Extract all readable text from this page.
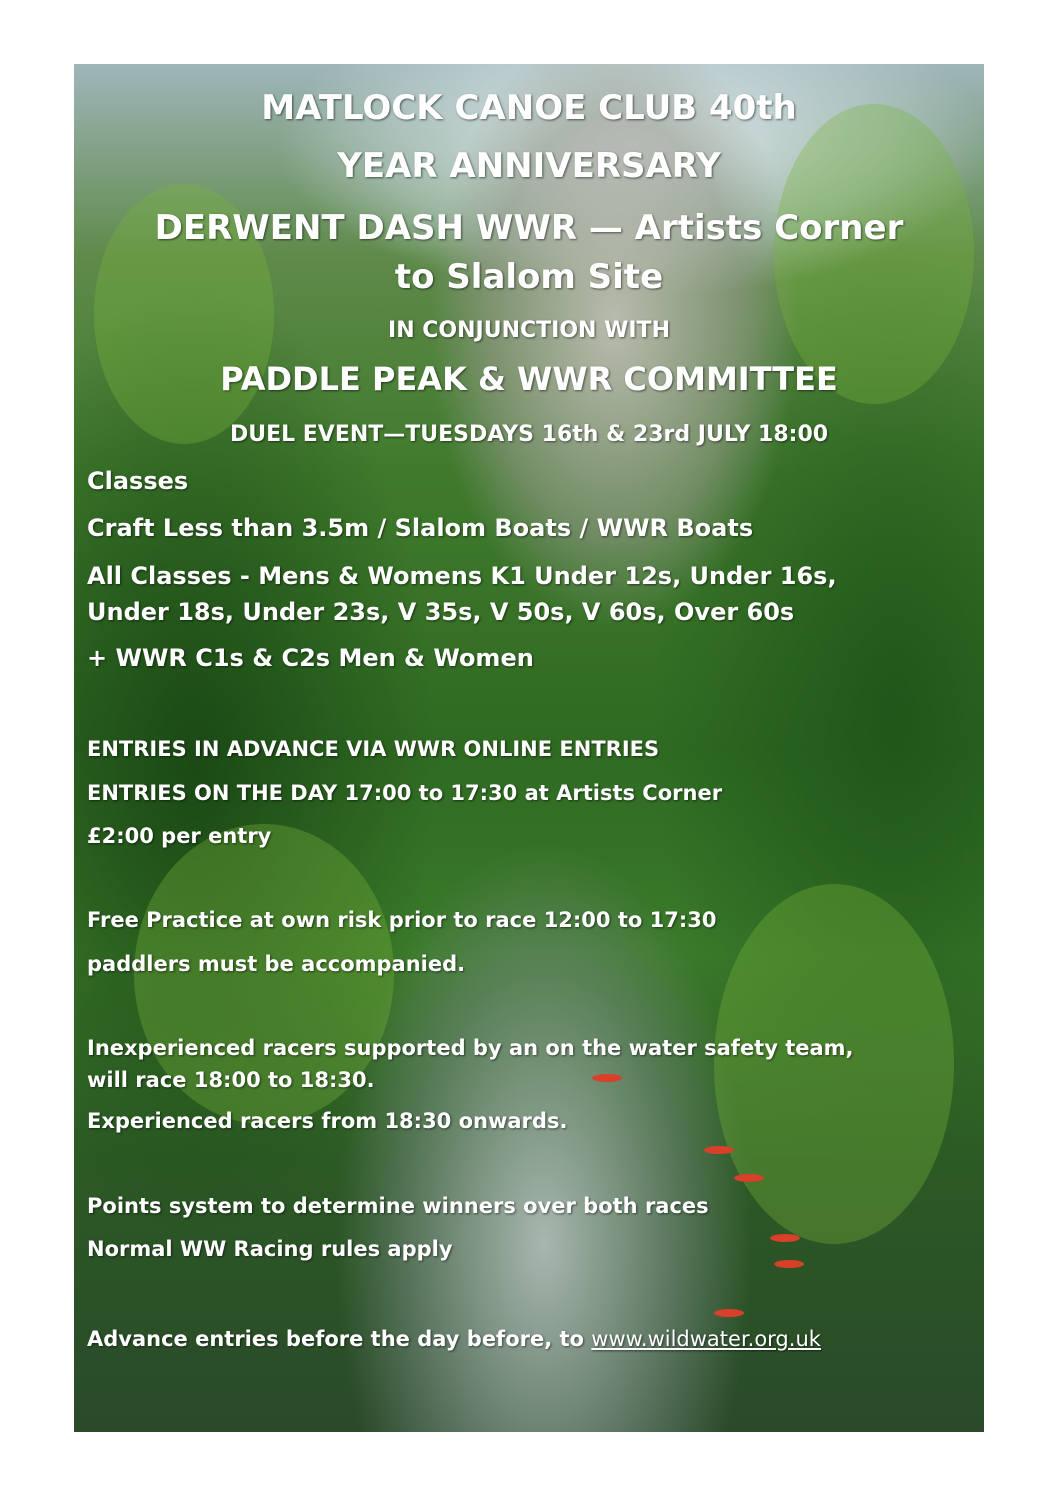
MATLOCK CANOE CLUB 40th

YEAR ANNIVERSARY

DERWENT DASH WWR — Artists Corner

to Slalom Site

IN CONJUNCTION WITH

PADDLE PEAK & WWR COMMITTEE

DUEL EVENT—TUESDAYS 16th & 23rd JULY 18:00

Classes

Craft Less than 3.5m / Slalom Boats / WWR Boats

All Classes - Mens & Womens K1 Under 12s, Under 16s,

Under 18s, Under 23s, V 35s, V 50s, V 60s, Over 60s

+ WWR C1s & C2s Men & Women

ENTRIES IN ADVANCE VIA WWR ONLINE ENTRIES

ENTRIES ON THE DAY 17:00 to 17:30 at Artists Corner

£2:00 per entry

Free Practice at own risk prior to race 12:00 to 17:30

paddlers must be accompanied.

Inexperienced racers supported by an on the water safety team,

will race 18:00 to 18:30.

Experienced racers from 18:30 onwards.

Points system to determine winners over both races

Normal WW Racing rules apply

Advance entries before the day before, to www.wildwater.org.uk
